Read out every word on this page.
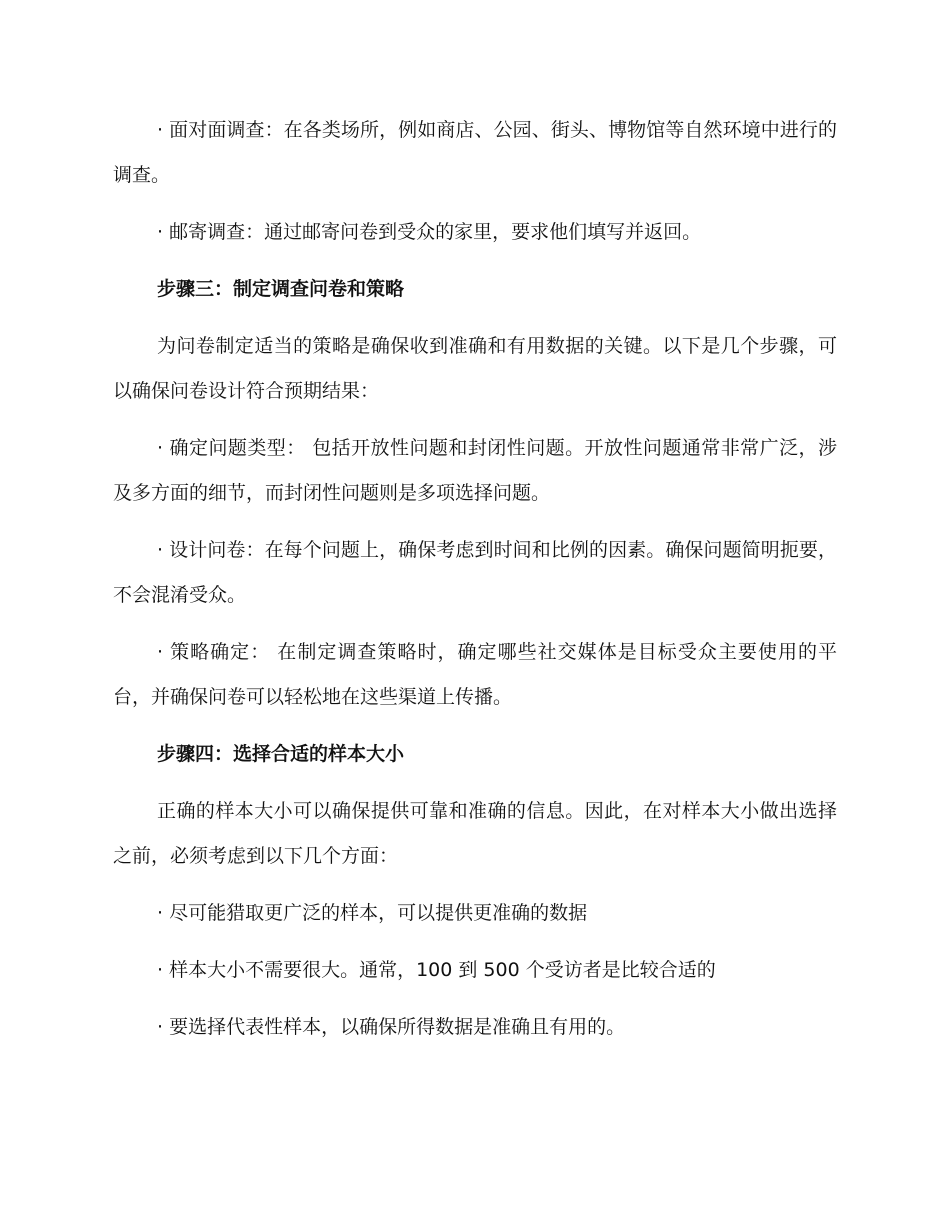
· 面对面调查：在各类场所，例如商店、公园、街头、博物馆等自然环境中进行的调查。

· 邮寄调查：通过邮寄问卷到受众的家里，要求他们填写并返回。

步骤三：制定调查问卷和策略

为问卷制定适当的策略是确保收到准确和有用数据的关键。以下是几个步骤，可以确保问卷设计符合预期结果：

· 确定问题类型： 包括开放性问题和封闭性问题。开放性问题通常非常广泛，涉及多方面的细节，而封闭性问题则是多项选择问题。

· 设计问卷：在每个问题上，确保考虑到时间和比例的因素。确保问题简明扼要，不会混淆受众。

· 策略确定： 在制定调查策略时，确定哪些社交媒体是目标受众主要使用的平台，并确保问卷可以轻松地在这些渠道上传播。

步骤四：选择合适的样本大小

正确的样本大小可以确保提供可靠和准确的信息。因此，在对样本大小做出选择之前，必须考虑到以下几个方面：

· 尽可能猎取更广泛的样本，可以提供更准确的数据

· 样本大小不需要很大。通常，100 到 500 个受访者是比较合适的

· 要选择代表性样本，以确保所得数据是准确且有用的。
